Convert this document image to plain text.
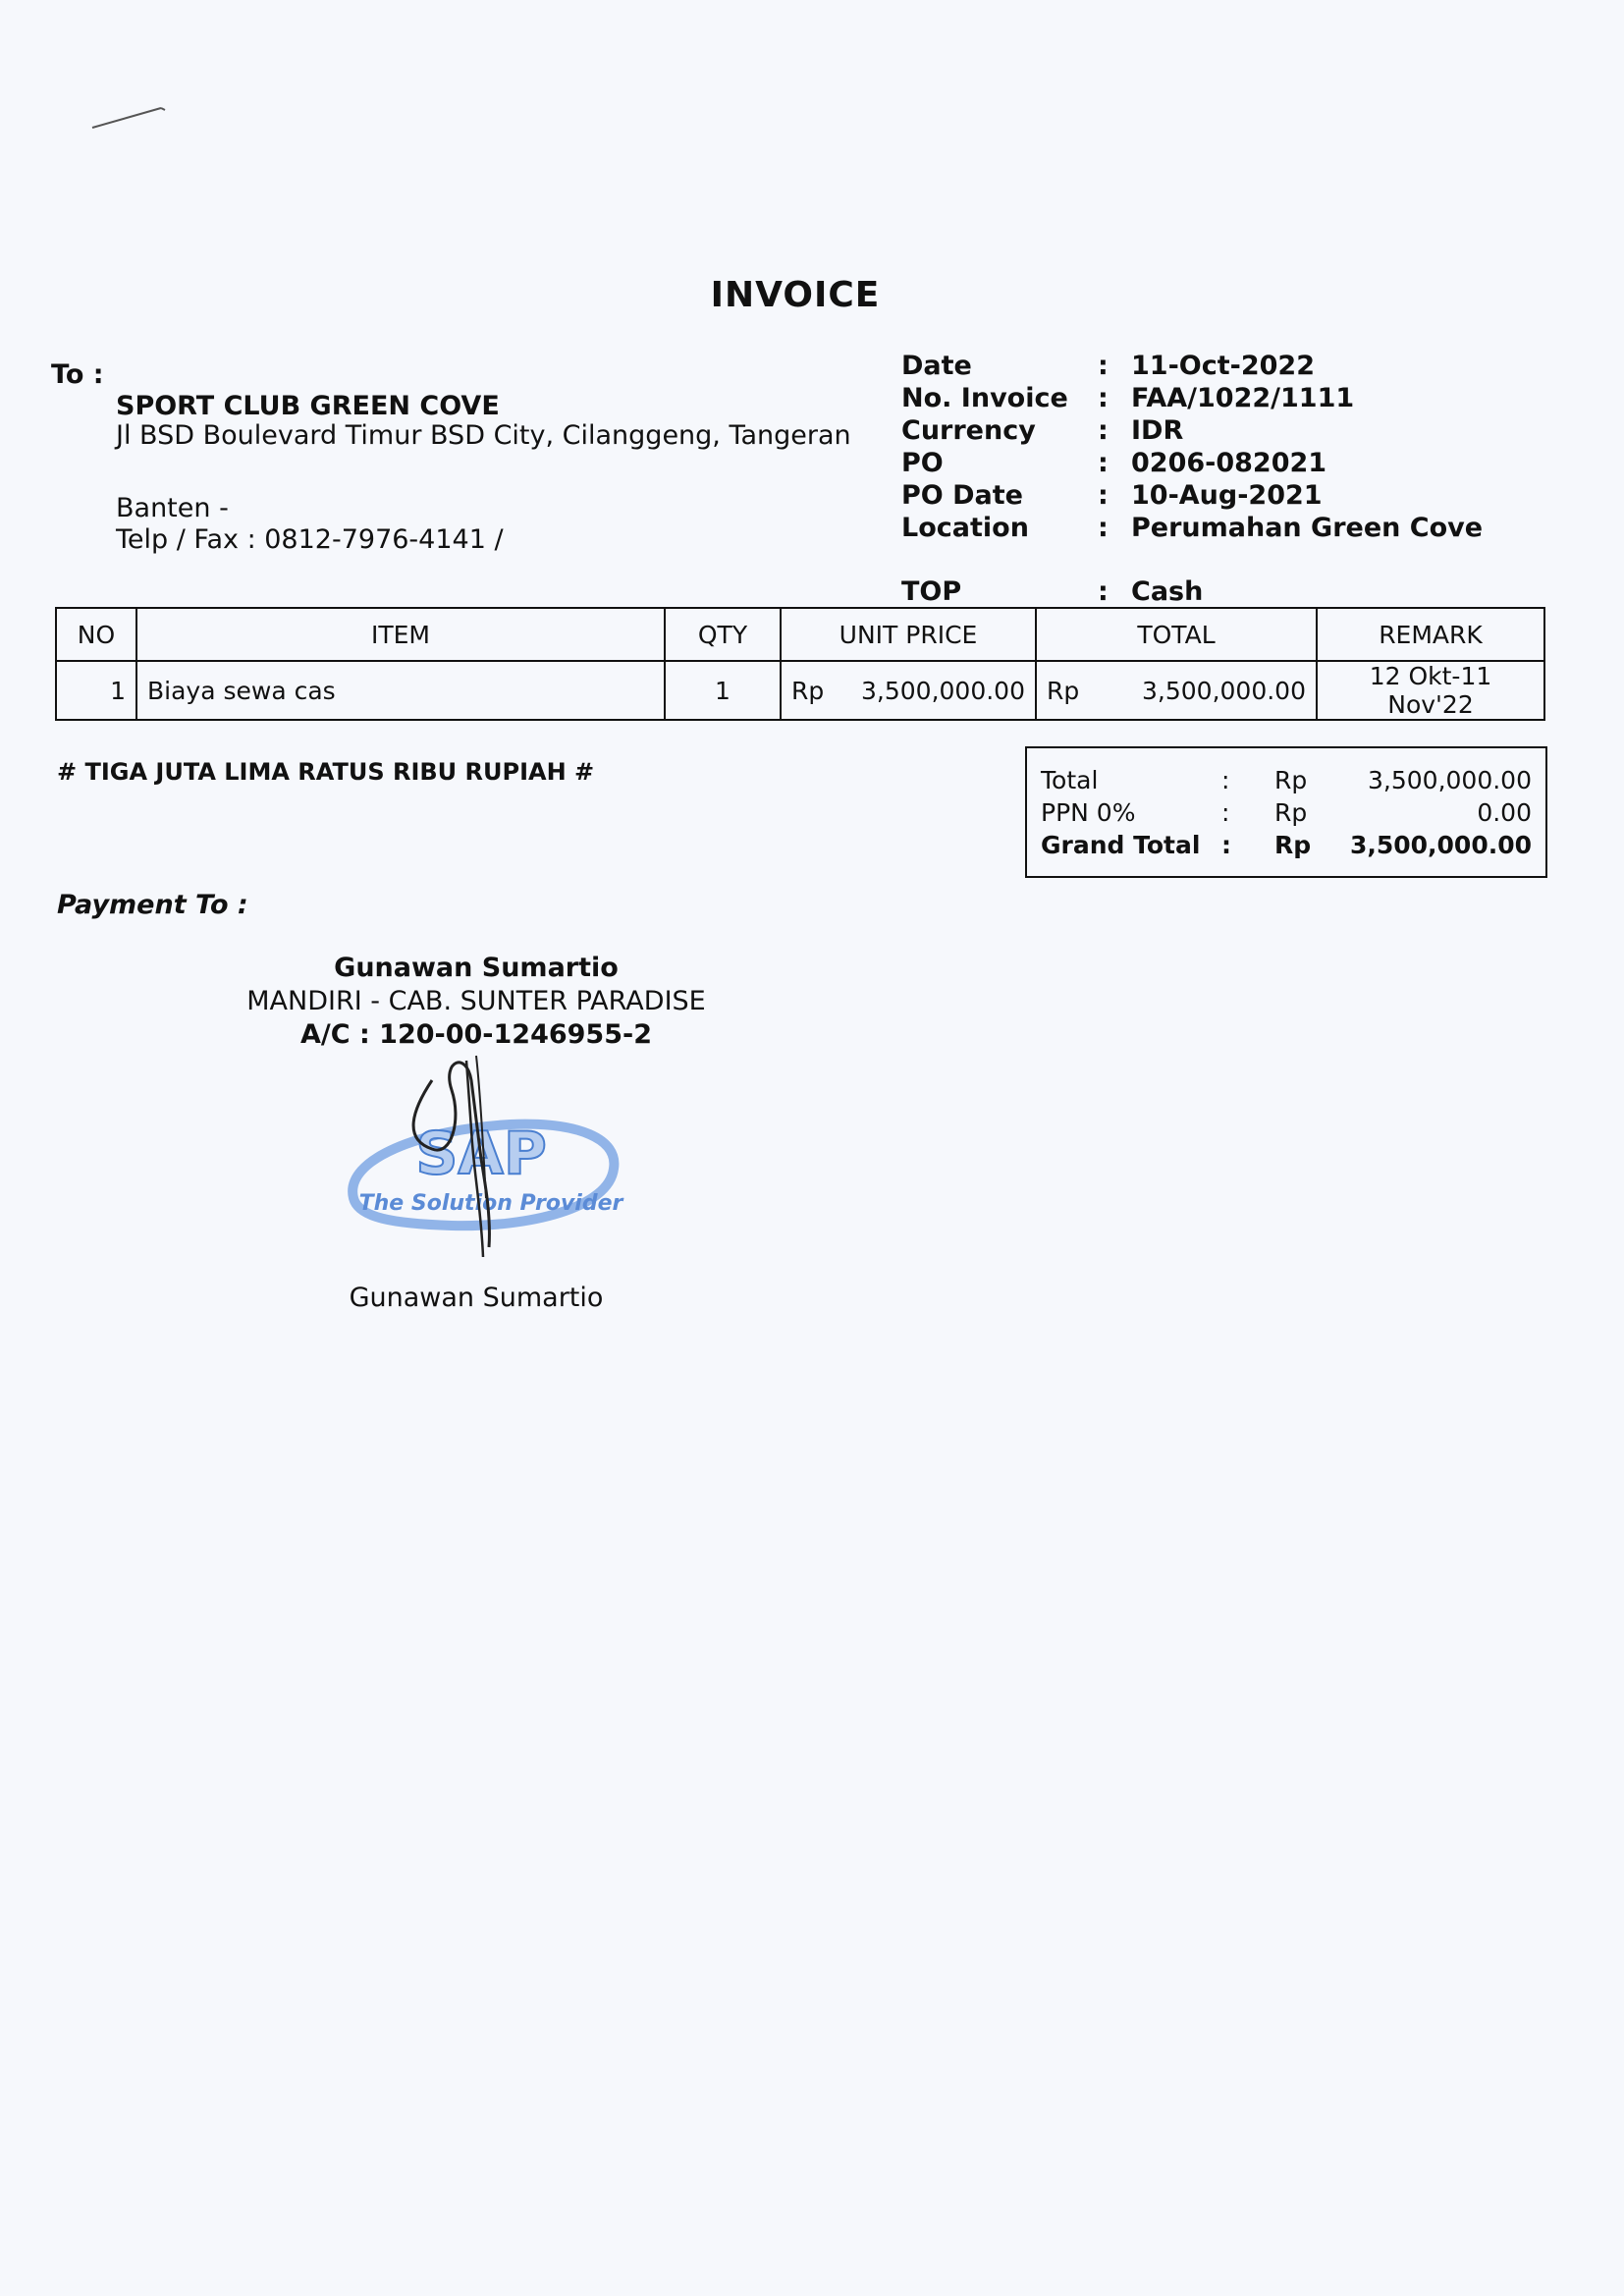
INVOICE
To :
SPORT CLUB GREEN COVE
Jl BSD Boulevard Timur BSD City, Cilanggeng, Tangeran
Banten -
Telp / Fax : 0812-7976-4141 /
Date	: 11-Oct-2022
No. Invoice : FAA/1022/1111
Currency : IDR
PO	: 0206-082021
PO Date	: 10-Aug-2021
Location	: Perumahan Green Cove
TOP	: Cash
NO	ITEM	QTY	UNIT PRICE	TOTAL	REMARK
1	Biaya sewa cas	1	Rp 3,500,000.00	Rp 3,500,000.00	12 Okt-11 Nov'22
# TIGA JUTA LIMA RATUS RIBU RUPIAH #	Total	: Rp 3,500,000.00
PPN 0%	: Rp	0.00
Grand Total : Rp 3,500,000.00
Payment To :
Gunawan Sumartio
MANDIRI - CAB. SUNTER PARADISE
A/C : 120-00-1246955-2
SAP
The Solution Provider
Gunawan Sumartio
